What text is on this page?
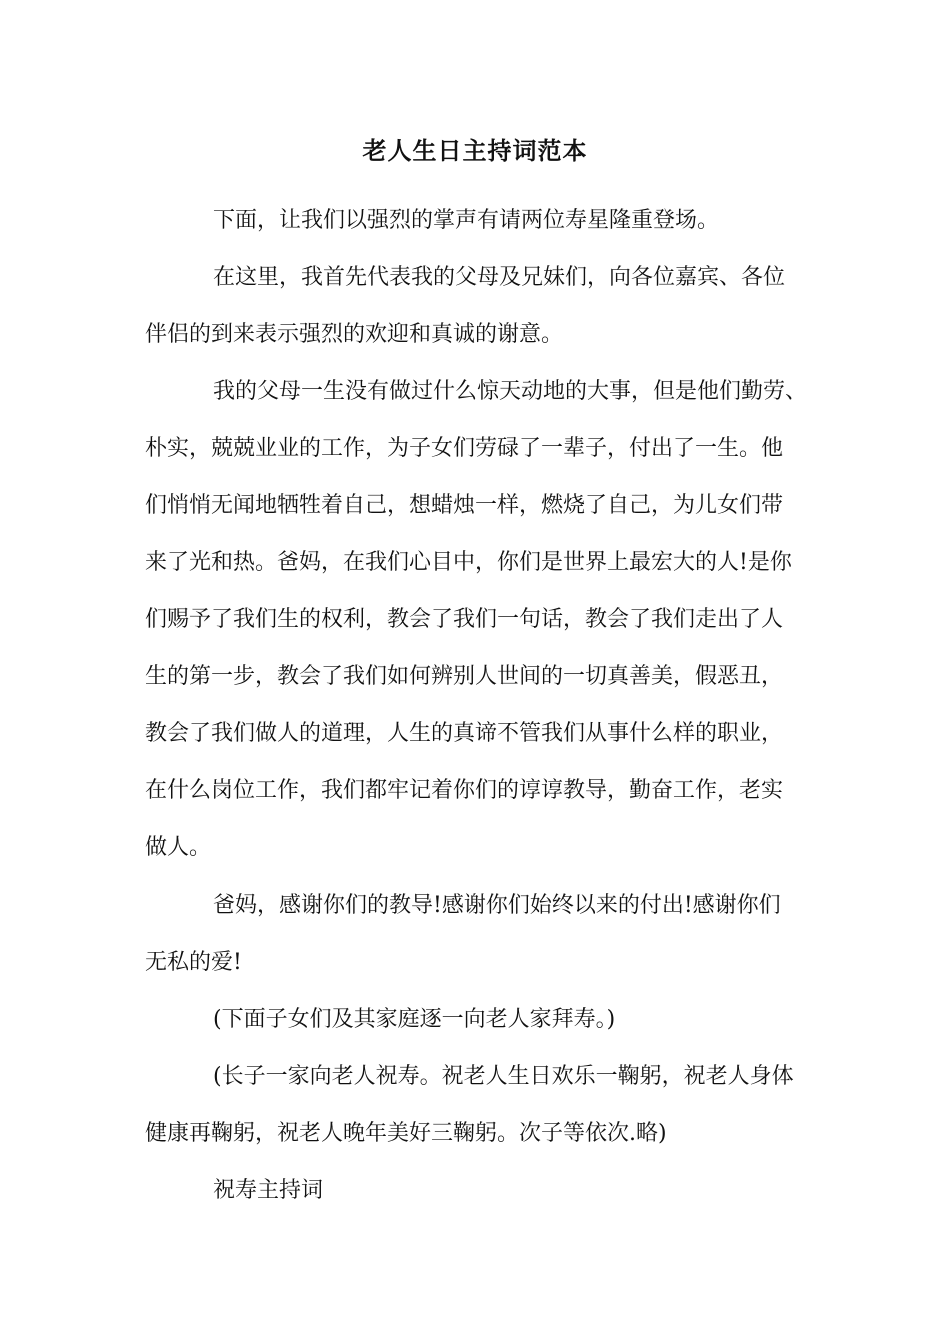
老人生日主持词范本
下面，让我们以强烈的掌声有请两位寿星隆重登场。
在这里，我首先代表我的父母及兄妹们，向各位嘉宾、各位
伴侣的到来表示强烈的欢迎和真诚的谢意。
我的父母一生没有做过什么惊天动地的大事，但是他们勤劳、
朴实，兢兢业业的工作，为子女们劳碌了一辈子，付出了一生。他
们悄悄无闻地牺牲着自己，想蜡烛一样，燃烧了自己，为儿女们带
来了光和热。爸妈，在我们心目中，你们是世界上最宏大的人!是你
们赐予了我们生的权利，教会了我们一句话，教会了我们走出了人
生的第一步，教会了我们如何辨别人世间的一切真善美，假恶丑，
教会了我们做人的道理，人生的真谛不管我们从事什么样的职业，
在什么岗位工作，我们都牢记着你们的谆谆教导，勤奋工作，老实
做人。
爸妈，感谢你们的教导!感谢你们始终以来的付出!感谢你们
无私的爱!
(下面子女们及其家庭逐一向老人家拜寿。)
(长子一家向老人祝寿。祝老人生日欢乐一鞠躬，祝老人身体
健康再鞠躬，祝老人晚年美好三鞠躬。次子等依次.略)
祝寿主持词
